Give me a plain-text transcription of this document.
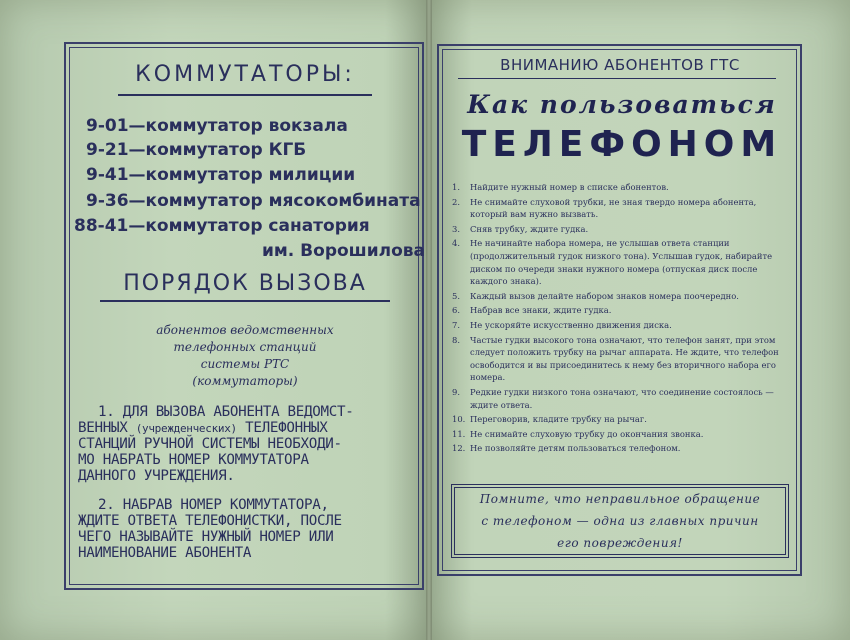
КОММУТАТОРЫ:
9-01—коммутатор вокзала
9-21—коммутатор КГБ
9-41—коммутатор милиции
9-36—коммутатор мясокомбината
88-41—коммутатор санатория
им. Ворошилова
ПОРЯДОК ВЫЗОВА
абонентов ведомственных
телефонных станций
системы РТС
(коммутаторы)
1. ДЛЯ ВЫЗОВА АБОНЕНТА ВЕДОМСТ-
ВЕННЫХ (учрежденческих) ТЕЛЕФОННЫХ
СТАНЦИЙ РУЧНОЙ СИСТЕМЫ НЕОБХОДИ-
МО НАБРАТЬ НОМЕР КОММУТАТОРА
ДАННОГО УЧРЕЖДЕНИЯ.
2. НАБРАВ НОМЕР КОММУТАТОРА,
ЖДИТЕ ОТВЕТА ТЕЛЕФОНИСТКИ, ПОСЛЕ
ЧЕГО НАЗЫВАЙТЕ НУЖНЫЙ НОМЕР ИЛИ
НАИМЕНОВАНИЕ АБОНЕНТА
ВНИМАНИЮ АБОНЕНТОВ ГТС
Как пользоваться
ТЕЛЕФОНОМ
1. Найдите нужный номер в списке абонентов.
2. Не снимайте слуховой трубки, не зная твердо номера абонента, который вам нужно вызвать.
3. Сняв трубку, ждите гудка.
4. Не начинайте набора номера, не услышав ответа станции (продолжительный гудок низкого тона). Услышав гудок, набирайте диском по очереди знаки нужного номера (отпуская диск после каждого знака).
5. Каждый вызов делайте набором знаков номера поочередно.
6. Набрав все знаки, ждите гудка.
7. Не ускоряйте искусственно движения диска.
8. Частые гудки высокого тона означают, что телефон занят, при этом следует положить трубку на рычаг аппарата. Не ждите, что телефон освободится и вы присоединитесь к нему без вторичного набора его номера.
9. Редкие гудки низкого тона означают, что соединение состоялось — ждите ответа.
10. Переговорив, кладите трубку на рычаг.
11. Не снимайте слуховую трубку до окончания звонка.
12. Не позволяйте детям пользоваться телефоном.
Помните, что неправильное обращение
с телефоном — одна из главных причин
его повреждения!
